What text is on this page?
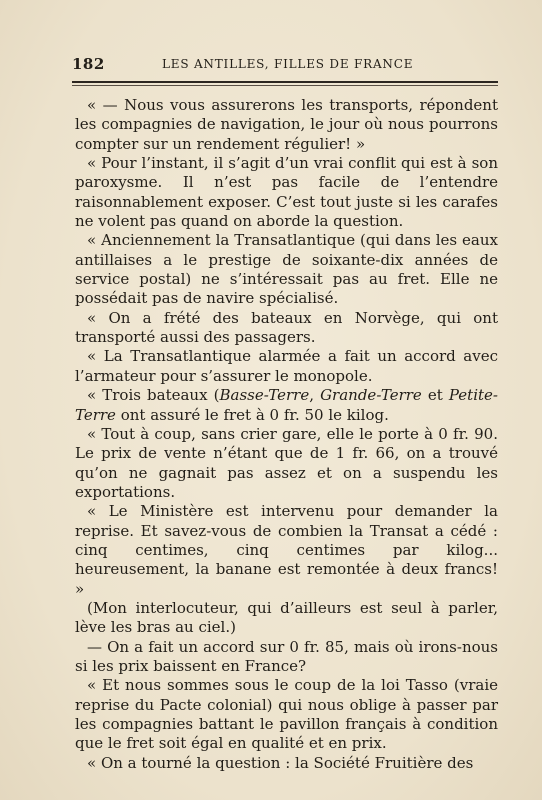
182	LES ANTILLES, FILLES DE FRANCE

« — Nous vous assurerons les transports, répondent les compagnies de navigation, le jour où nous pourrons compter sur un rendement régulier! »

« Pour l’instant, il s’agit d’un vrai conflit qui est à son paroxysme. Il n’est pas facile de l’entendre raisonnablement exposer. C’est tout juste si les carafes ne volent pas quand on aborde la question.

« Anciennement la Transatlantique (qui dans les eaux antillaises a le prestige de soixante-dix années de service postal) ne s’intéressait pas au fret. Elle ne possédait pas de navire spécialisé.

« On a frété des bateaux en Norvège, qui ont transporté aussi des passagers.

« La Transatlantique alarmée a fait un accord avec l’armateur pour s’assurer le monopole.

« Trois bateaux (Basse-Terre, Grande-Terre et Petite-Terre ont assuré le fret à 0 fr. 50 le kilog.

« Tout à coup, sans crier gare, elle le porte à 0 fr. 90. Le prix de vente n’étant que de 1 fr. 66, on a trouvé qu’on ne gagnait pas assez et on a suspendu les exportations.

« Le Ministère est intervenu pour demander la reprise. Et savez-vous de combien la Transat a cédé : cinq centimes, cinq centimes par kilog... heureusement, la banane est remontée à deux francs! »

(Mon interlocuteur, qui d’ailleurs est seul à parler, lève les bras au ciel.)

— On a fait un accord sur 0 fr. 85, mais où irons-nous si les prix baissent en France?

« Et nous sommes sous le coup de la loi Tasso (vraie reprise du Pacte colonial) qui nous oblige à passer par les compagnies battant le pavillon français à condition que le fret soit égal en qualité et en prix.

« On a tourné la question : la Société Fruitière des
